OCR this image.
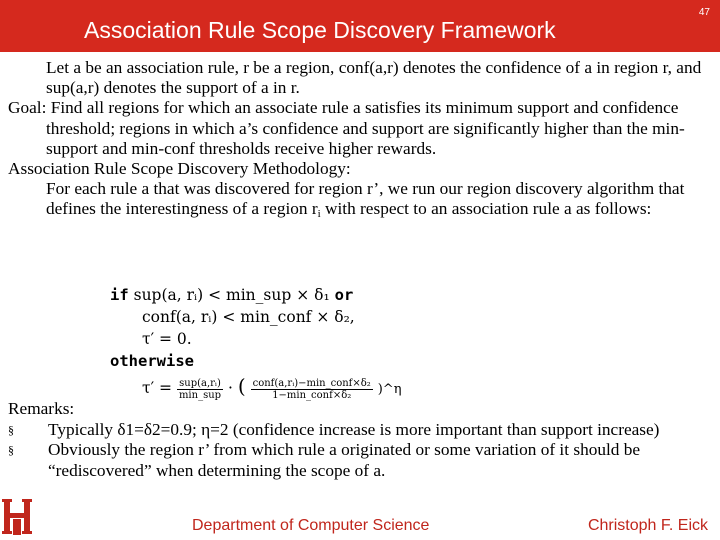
Association Rule Scope Discovery Framework
47

Let a be an association rule, r be a region, conf(a,r) denotes the confidence of a in region r, and sup(a,r) denotes the support of a in r.

Goal: Find all regions for which an associate rule a satisfies its minimum support and confidence threshold; regions in which a’s confidence and support are significantly higher than the min-support and min-conf thresholds receive higher rewards.

Association Rule Scope Discovery Methodology:

For each rule a that was discovered for region r’, we run our region discovery algorithm that defines the interestingness of a region $r_i$ with respect to an association rule a as follows:

if sup(a, rᵢ) < min_sup × δ₁ or
conf(a, rᵢ) < min_conf × δ₂,
τ′ = 0.
otherwise
$\tau' = \frac{\text{sup(a,rᵢ)}}{\text{min\_sup}}$ · ( $\frac{\text{conf(a,rᵢ)−min\_conf×δ₂}}{\text{1−min\_conf×δ₂}}$ )^η

Remarks:

§ Typically δ1=δ2=0.9; η=2 (confidence increase is more important than support increase)
§ Obviously the region r’ from which rule a originated or some variation of it should be “rediscovered” when determining the scope of a.
Department of Computer Science	Christoph F. Eick
